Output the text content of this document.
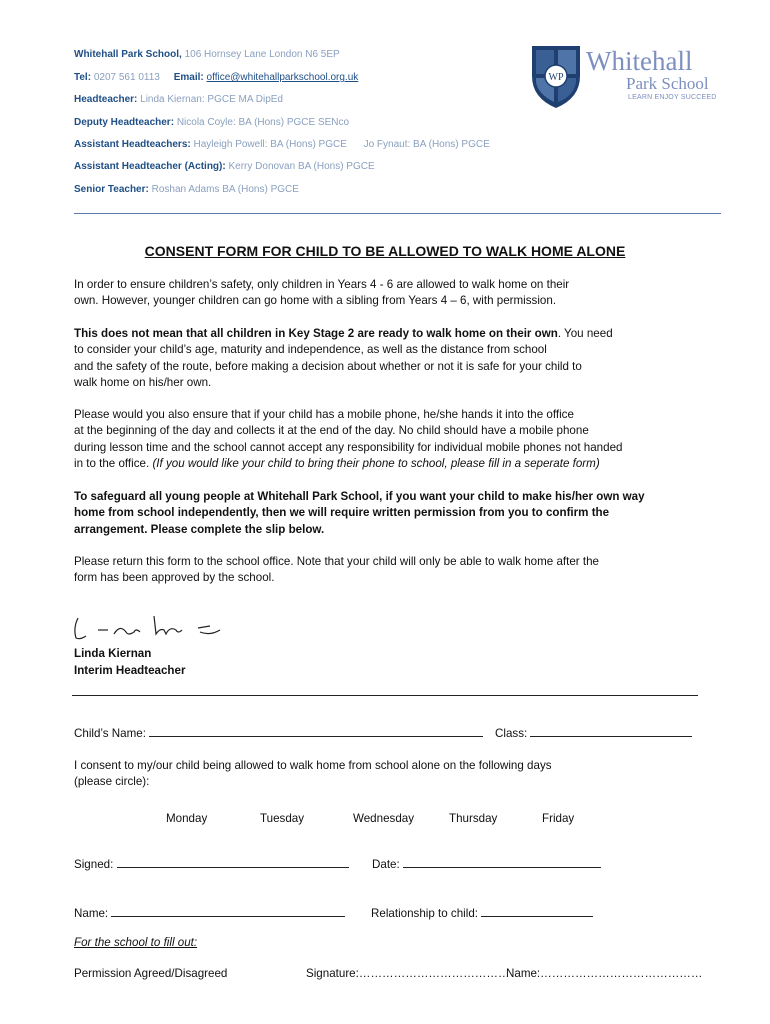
Whitehall Park School, 106 Hornsey Lane London N6 5EP
Tel: 0207 561 0113 Email: office@whitehallparkschool.org.uk
Headteacher: Linda Kiernan: PGCE MA DipEd
Deputy Headteacher: Nicola Coyle: BA (Hons) PGCE SENco
Assistant Headteachers: Hayleigh Powell: BA (Hons) PGCE Jo Fynaut: BA (Hons) PGCE
Assistant Headteacher (Acting): Kerry Donovan BA (Hons) PGCE
Senior Teacher: Roshan Adams BA (Hons) PGCE
WP
Whitehall
Park School
LEARN ENJOY SUCCEED
CONSENT FORM FOR CHILD TO BE ALLOWED TO WALK HOME ALONE
In order to ensure children’s safety, only children in Years 4 - 6 are allowed to walk home on their
own. However, younger children can go home with a sibling from Years 4 – 6, with permission.
This does not mean that all children in Key Stage 2 are ready to walk home on their own. You need
to consider your child’s age, maturity and independence, as well as the distance from school
and the safety of the route, before making a decision about whether or not it is safe for your child to
walk home on his/her own.
Please would you also ensure that if your child has a mobile phone, he/she hands it into the office
at the beginning of the day and collects it at the end of the day. No child should have a mobile phone
during lesson time and the school cannot accept any responsibility for individual mobile phones not handed
in to the office. (If you would like your child to bring their phone to school, please fill in a seperate form)
To safeguard all young people at Whitehall Park School, if you want your child to make his/her own way
home from school independently, then we will require written permission from you to confirm the
arrangement. Please complete the slip below.
Please return this form to the school office. Note that your child will only be able to walk home after the
form has been approved by the school.
Linda Kiernan
Interim Headteacher
Child’s Name:	Class:
I consent to my/our child being allowed to walk home from school alone on the following days
(please circle):
Monday	Tuesday	Wednesday	Thursday	Friday
Signed:	Date:
Name:	Relationship to child:
For the school to fill out:
Permission Agreed/Disagreed	Signature:…………………………………
Name:……………………………………
